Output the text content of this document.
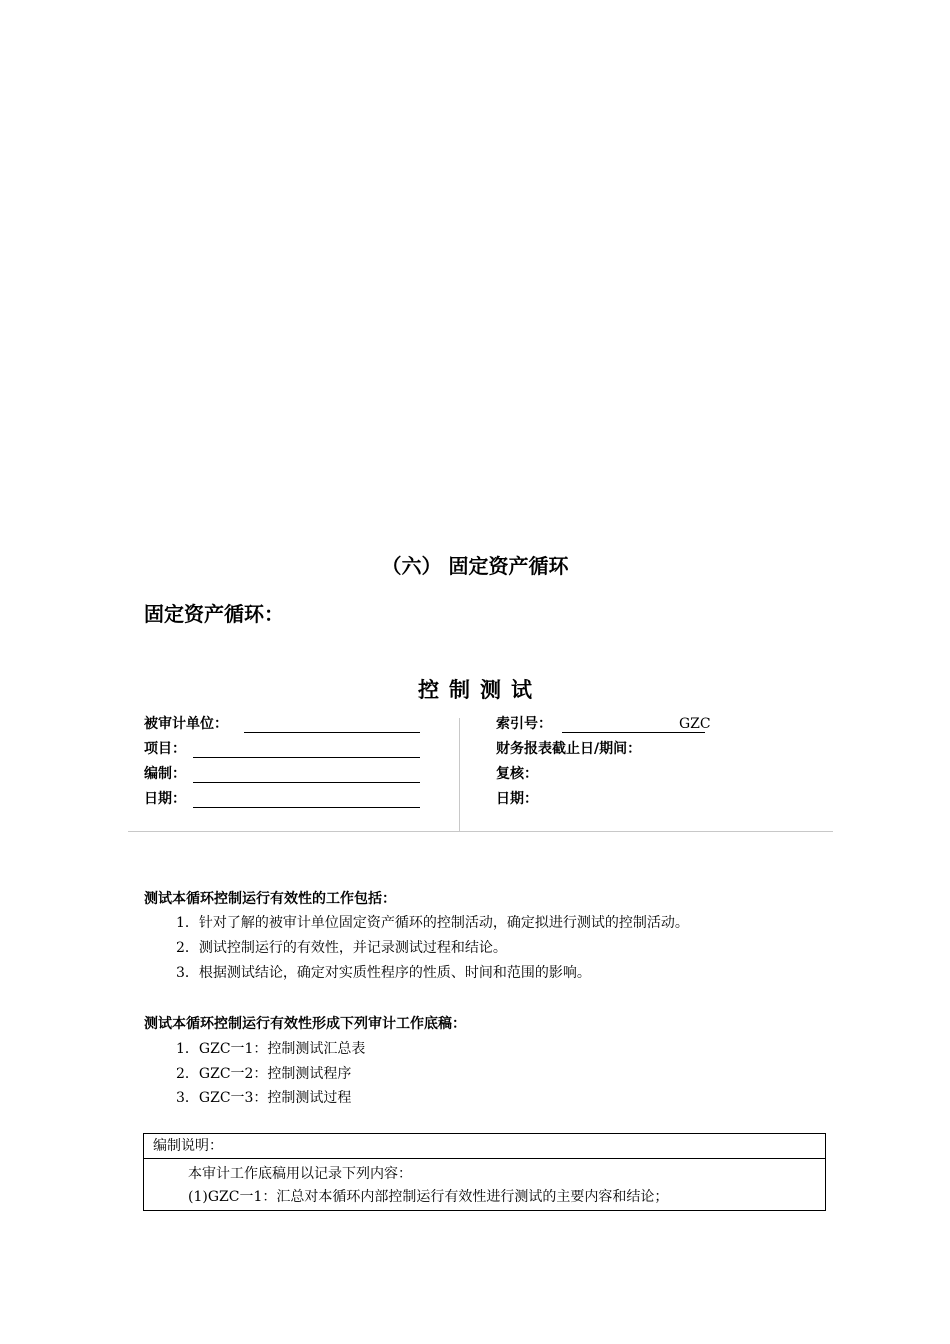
（六） 固定资产循环
固定资产循环：
控制测试
被审计单位：
项目：
编制：
日期：
索引号：	GZC
财务报表截止日/期间：
复核：
日期：
测试本循环控制运行有效性的工作包括：
1．针对了解的被审计单位固定资产循环的控制活动，确定拟进行测试的控制活动。
2．测试控制运行的有效性，并记录测试过程和结论。
3．根据测试结论，确定对实质性程序的性质、时间和范围的影响。
测试本循环控制运行有效性形成下列审计工作底稿：
1．GZC一1：控制测试汇总表
2．GZC一2：控制测试程序
3．GZC一3：控制测试过程
编制说明：
本审计工作底稿用以记录下列内容：
(1)GZC一1：汇总对本循环内部控制运行有效性进行测试的主要内容和结论；
